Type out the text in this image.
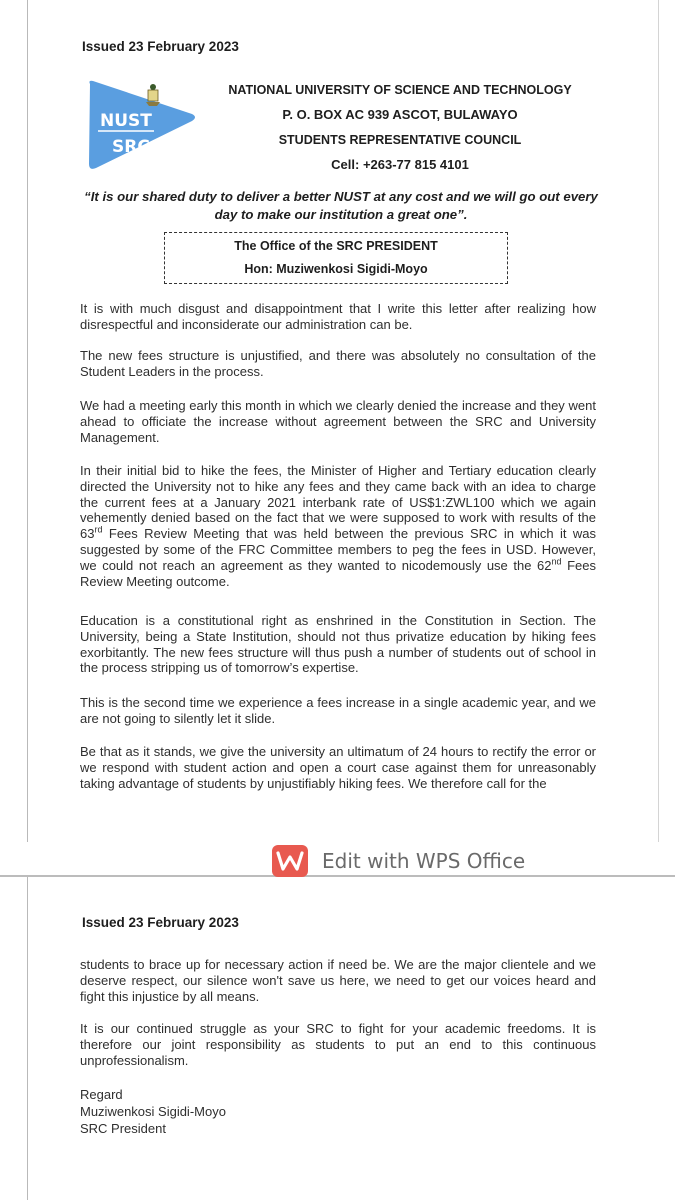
Issued 23 February 2023
NUST
SRC
NATIONAL UNIVERSITY OF SCIENCE AND TECHNOLOGY
P. O. BOX AC 939 ASCOT, BULAWAYO
STUDENTS REPRESENTATIVE COUNCIL
Cell: +263-77 815 4101
“It is our shared duty to deliver a better NUST at any cost and we will go out every day to make our institution a great one”.
The Office of the SRC PRESIDENT
Hon: Muziwenkosi Sigidi-Moyo

It is with much disgust and disappointment that I write this letter after realizing how disrespectful and inconsiderate our administration can be.

The new fees structure is unjustified, and there was absolutely no consultation of the Student Leaders in the process.

We had a meeting early this month in which we clearly denied the increase and they went ahead to officiate the increase without agreement between the SRC and University Management.

In their initial bid to hike the fees, the Minister of Higher and Tertiary education clearly directed the University not to hike any fees and they came back with an idea to charge the current fees at a January 2021 interbank rate of US$1:ZWL100 which we again vehemently denied based on the fact that we were supposed to work with results of the 63rd Fees Review Meeting that was held between the previous SRC in which it was suggested by some of the FRC Committee members to peg the fees in USD. However, we could not reach an agreement as they wanted to nicodemously use the 62nd Fees Review Meeting outcome.

Education is a constitutional right as enshrined in the Constitution in Section. The University, being a State Institution, should not thus privatize education by hiking fees exorbitantly. The new fees structure will thus push a number of students out of school in the process stripping us of tomorrow’s expertise.

This is the second time we experience a fees increase in a single academic year, and we are not going to silently let it slide.

Be that as it stands, we give the university an ultimatum of 24 hours to rectify the error or we respond with student action and open a court case against them for unreasonably taking advantage of students by unjustifiably hiking fees. We therefore call for the

Edit with WPS Office
Issued 23 February 2023

students to brace up for necessary action if need be. We are the major clientele and we deserve respect, our silence won't save us here, we need to get our voices heard and fight this injustice by all means.

It is our continued struggle as your SRC to fight for your academic freedoms. It is therefore our joint responsibility as students to put an end to this continuous unprofessionalism.

Regard
Muziwenkosi Sigidi-Moyo
SRC President
